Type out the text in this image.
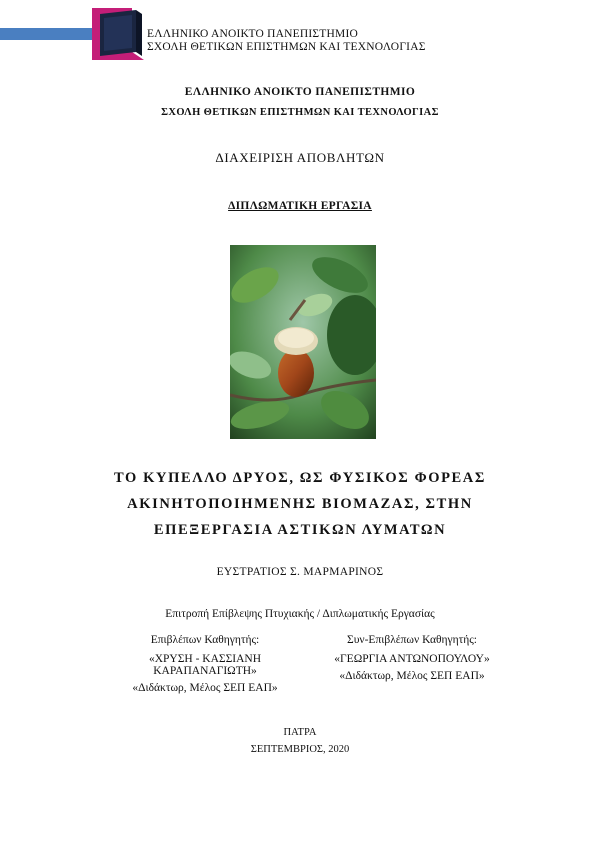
ΕΛΛΗΝΙΚΟ ΑΝΟΙΚΤΟ ΠΑΝΕΠΙΣΤΗΜΙΟ
ΣΧΟΛΗ ΘΕΤΙΚΩΝ ΕΠΙΣΤΗΜΩΝ ΚΑΙ ΤΕΧΝΟΛΟΓΙΑΣ
ΕΛΛΗΝΙΚΟ ΑΝΟΙΚΤΟ ΠΑΝΕΠΙΣΤΗΜΙΟ
ΣΧΟΛΗ ΘΕΤΙΚΩΝ ΕΠΙΣΤΗΜΩΝ ΚΑΙ ΤΕΧΝΟΛΟΓΙΑΣ
ΔΙΑΧΕΙΡΙΣΗ ΑΠΟΒΛΗΤΩΝ
ΔΙΠΛΩΜΑΤΙΚΗ ΕΡΓΑΣΙΑ
ΤΟ ΚΥΠΕΛΛΟ ΔΡΥΟΣ, ΩΣ ΦΥΣΙΚΟΣ ΦΟΡΕΑΣ
ΑΚΙΝΗΤΟΠΟΙΗΜΕΝΗΣ ΒΙΟΜΑΖΑΣ, ΣΤΗΝ
ΕΠΕΞΕΡΓΑΣΙΑ ΑΣΤΙΚΩΝ ΛΥΜΑΤΩΝ
ΕΥΣΤΡΑΤΙΟΣ Σ. ΜΑΡΜΑΡΙΝΟΣ
Επιτροπή Επίβλεψης Πτυχιακής / Διπλωματικής Εργασίας
Επιβλέπων Καθηγητής:
«ΧΡΥΣΗ - ΚΑΣΣΙΑΝΗ
ΚΑΡΑΠΑΝΑΓΙΩΤΗ»
«Διδάκτωρ, Μέλος ΣΕΠ ΕΑΠ»
Συν-Επιβλέπων Καθηγητής:
«ΓΕΩΡΓΙΑ ΑΝΤΩΝΟΠΟΥΛΟΥ»
«Διδάκτωρ, Μέλος ΣΕΠ ΕΑΠ»
ΠΑΤΡΑ
ΣΕΠΤΕΜΒΡΙΟΣ, 2020
